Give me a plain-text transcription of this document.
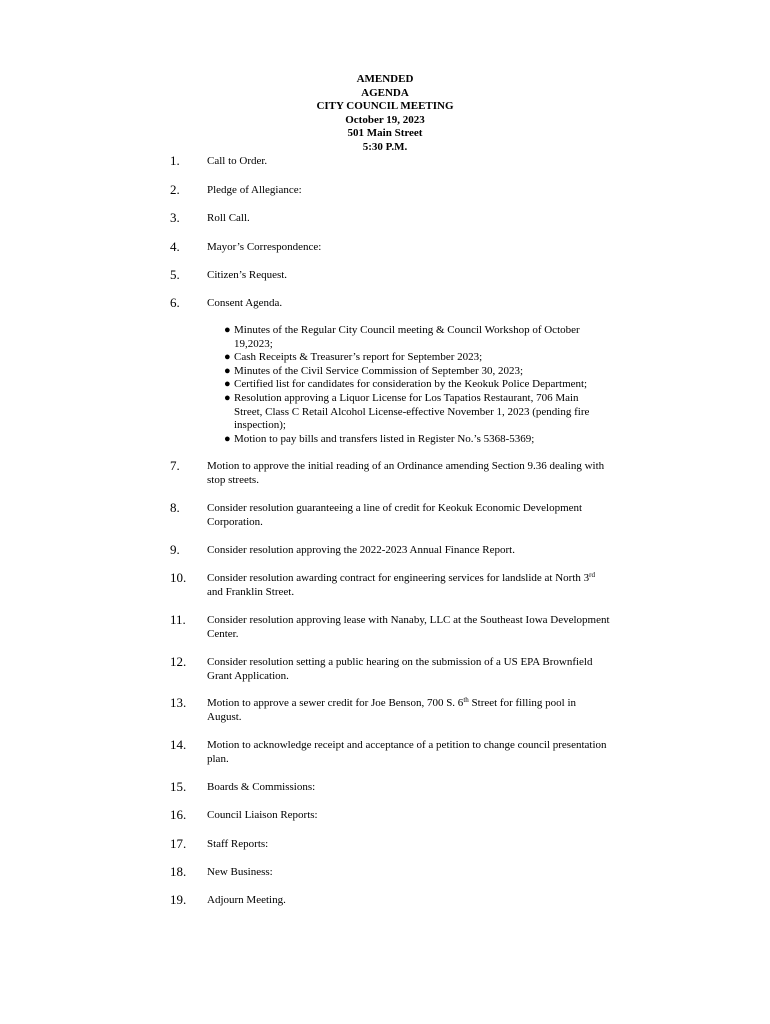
AMENDED
AGENDA
CITY COUNCIL MEETING
October 19, 2023
501 Main Street
5:30 P.M.
1.	Call to Order.
2.	Pledge of Allegiance:
3.	Roll Call.
4.	Mayor’s Correspondence:
5.	Citizen’s Request.
6.	Consent Agenda.
● Minutes of the Regular City Council meeting & Council Workshop of October 19,2023;
● Cash Receipts & Treasurer’s report for September 2023;
● Minutes of the Civil Service Commission of September 30, 2023;
● Certified list for candidates for consideration by the Keokuk Police Department;
● Resolution approving a Liquor License for Los Tapatios Restaurant, 706 Main Street, Class C Retail Alcohol License-effective November 1, 2023 (pending fire inspection);
● Motion to pay bills and transfers listed in Register No.’s 5368-5369;
7.	Motion to approve the initial reading of an Ordinance amending Section 9.36 dealing with stop streets.
8.	Consider resolution guaranteeing a line of credit for Keokuk Economic Development Corporation.
9.	Consider resolution approving the 2022-2023 Annual Finance Report.
10.	Consider resolution awarding contract for engineering services for landslide at North 3rd
and Franklin Street.
11.	Consider resolution approving lease with Nanaby, LLC at the Southeast Iowa Development Center.
12.	Consider resolution setting a public hearing on the submission of a US EPA Brownfield Grant Application.
13.	Motion to approve a sewer credit for Joe Benson, 700 S. 6th Street for filling pool in August.
14.	Motion to acknowledge receipt and acceptance of a petition to change council presentation plan.
15.	Boards & Commissions:
16.	Council Liaison Reports:
17.	Staff Reports:
18.	New Business:
19.	Adjourn Meeting.
